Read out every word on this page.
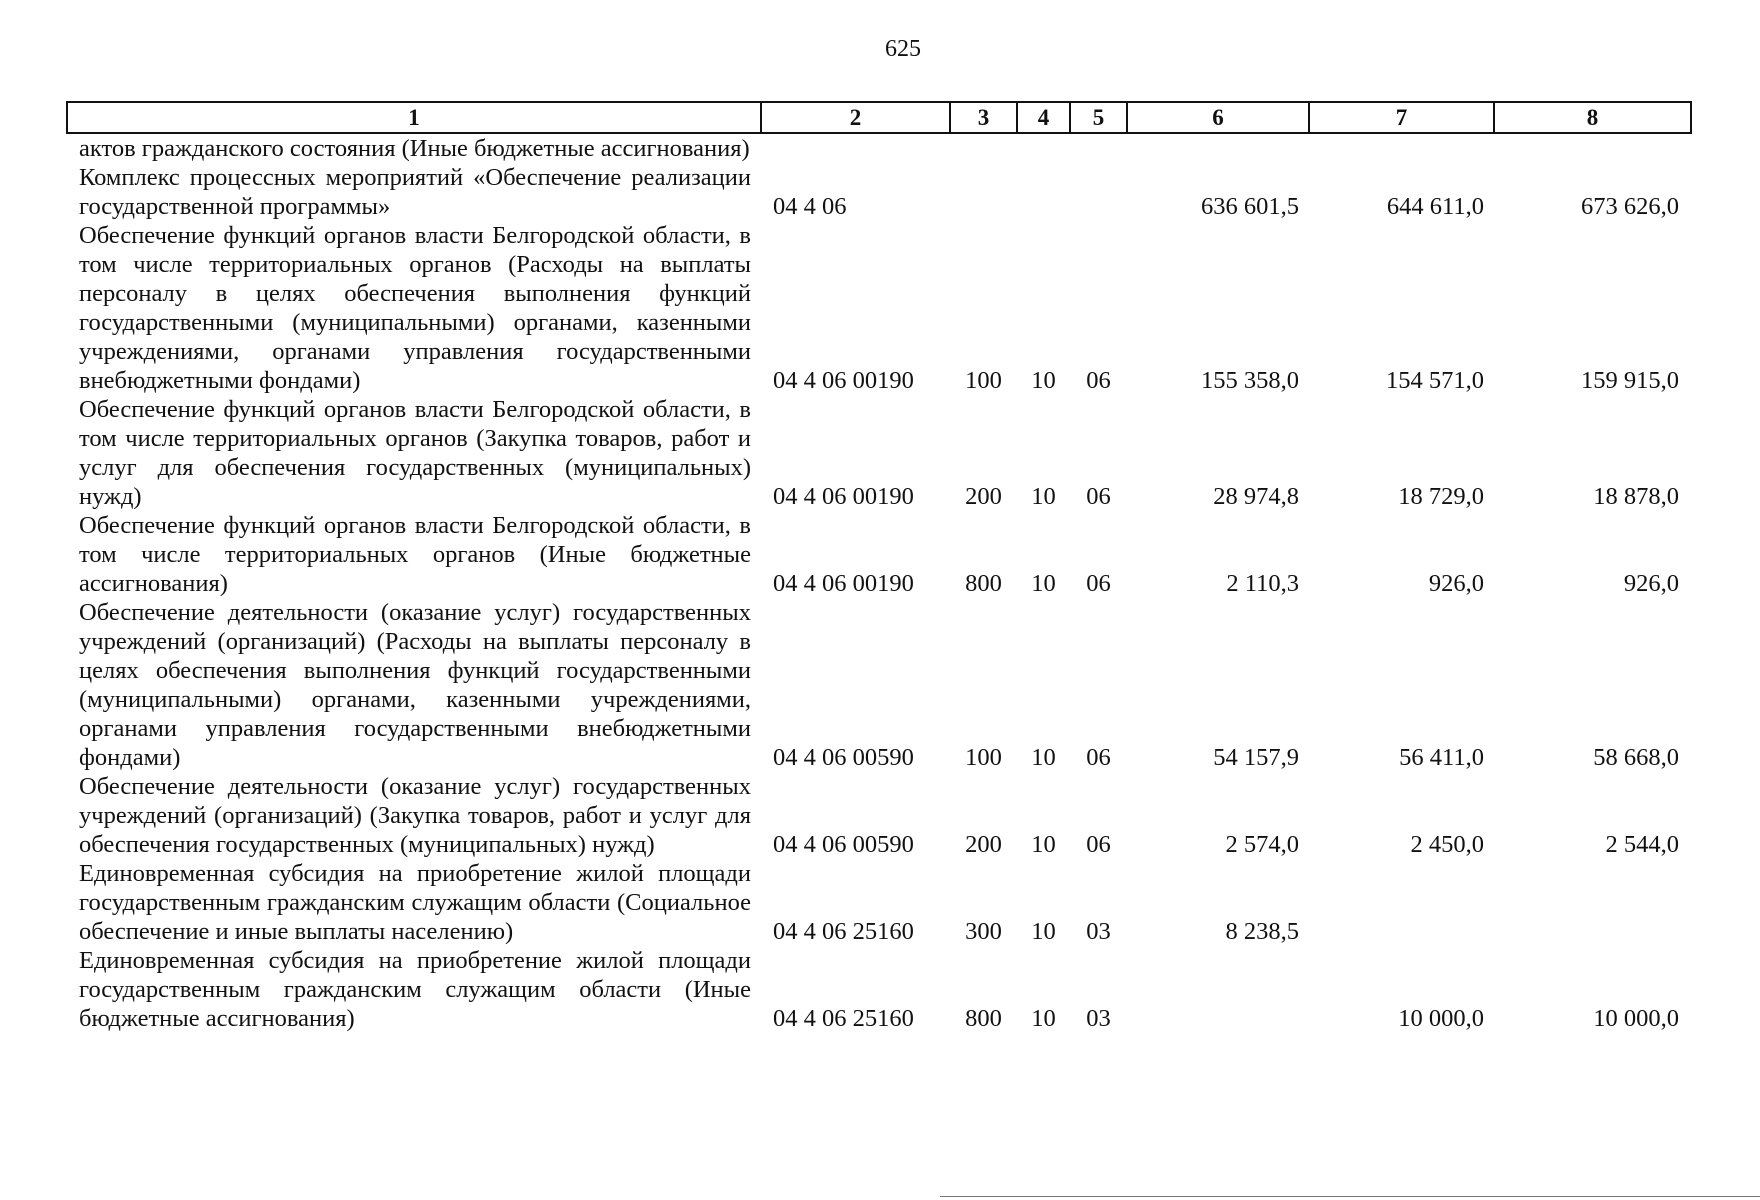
625
1	2	3	4	5	6	7	8
актов гражданского состояния (Иные бюджетные ассигнования)							
Комплекс процессных мероприятий «Обеспечение реализации государственной программы»	04 4 06				636 601,5	644 611,0	673 626,0
Обеспечение функций органов власти Белгородской области, в том числе территориальных органов (Расходы на выплаты персоналу в целях обеспечения выполнения функций государственными (муниципальными) органами, казенными учреждениями, органами управления государственными внебюджетными фондами)	04 4 06 00190	100	10	06	155 358,0	154 571,0	159 915,0
Обеспечение функций органов власти Белгородской области, в том числе территориальных органов (Закупка товаров, работ и услуг для обеспечения государственных (муниципальных) нужд)	04 4 06 00190	200	10	06	28 974,8	18 729,0	18 878,0
Обеспечение функций органов власти Белгородской области, в том числе территориальных органов (Иные бюджетные ассигнования)	04 4 06 00190	800	10	06	2 110,3	926,0	926,0
Обеспечение деятельности (оказание услуг) государственных учреждений (организаций) (Расходы на выплаты персоналу в целях обеспечения выполнения функций государственными (муниципальными) органами, казенными учреждениями, органами управления государственными внебюджетными фондами)	04 4 06 00590	100	10	06	54 157,9	56 411,0	58 668,0
Обеспечение деятельности (оказание услуг) государственных учреждений (организаций) (Закупка товаров, работ и услуг для обеспечения государственных (муниципальных) нужд)	04 4 06 00590	200	10	06	2 574,0	2 450,0	2 544,0
Единовременная субсидия на приобретение жилой площади государственным гражданским служащим области (Социальное обеспечение и иные выплаты населению)	04 4 06 25160	300	10	03	8 238,5		
Единовременная субсидия на приобретение жилой площади государственным гражданским служащим области (Иные бюджетные ассигнования)	04 4 06 25160	800	10	03		10 000,0	10 000,0
